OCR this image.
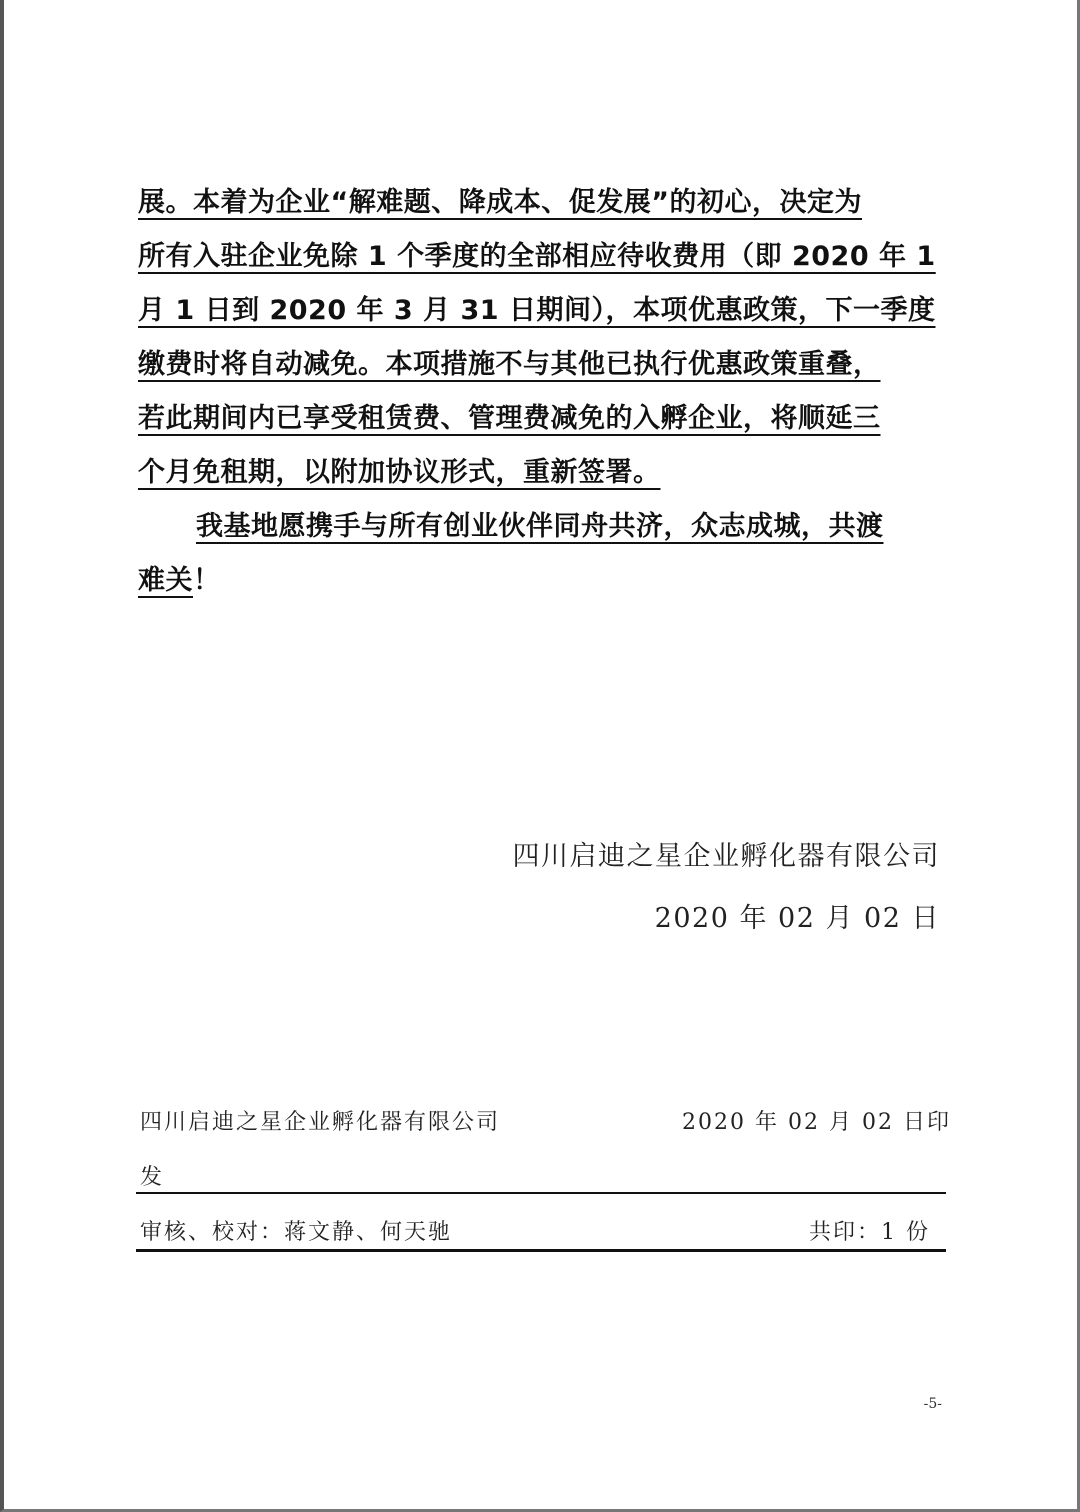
展。本着为企业“解难题、降成本、促发展”的初心，决定为
所有入驻企业免除 1 个季度的全部相应待收费用（即 2020 年 1
月 1 日到 2020 年 3 月 31 日期间），本项优惠政策，下一季度
缴费时将自动减免。本项措施不与其他已执行优惠政策重叠，
若此期间内已享受租赁费、管理费减免的入孵企业，将顺延三
个月免租期，以附加协议形式，重新签署。
我基地愿携手与所有创业伙伴同舟共济，众志成城，共渡
难关！
四川启迪之星企业孵化器有限公司
2020 年 02 月 02 日
四川启迪之星企业孵化器有限公司	2020 年 02 月 02 日印
发
审核、校对：蒋文静、何天驰	共印：1 份
-5-
